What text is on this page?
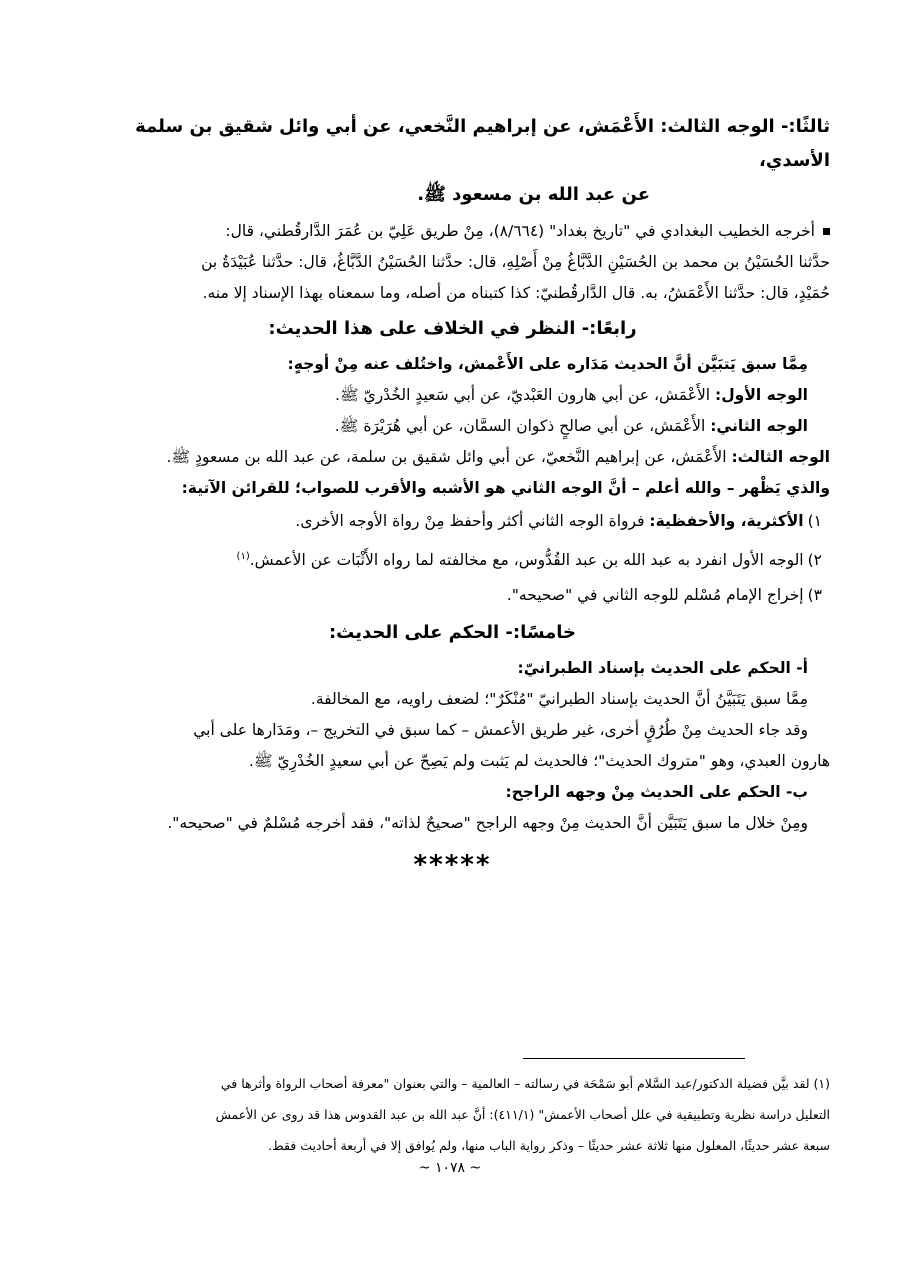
ثالثًا:- الوجه الثالث: الأَعْمَش، عن إبراهيم النَّخعي، عن أبي وائل شقيق بن سلمة الأسدي،

عن عبد الله بن مسعود ﷺ.

أخرجه الخطيب البغدادي في "تاريخ بغداد" (٨/٦٦٤)، مِنْ طريق عَلِيّ بن عُمَرَ الدَّارقُطني، قال:

حدَّثنا الحُسَيْنُ بن محمد بن الحُسَيْنِ الدَّبَّاغُ مِنْ أَصْلِهِ، قال: حدَّثنا الحُسَيْنُ الدَّبَّاغُ، قال: حدَّثنا عُبَيْدَةُ بن

حُمَيْدٍ، قال: حدَّثنا الأَعْمَشُ، به. قال الدَّارقُطنيّ: كذا كتبناه من أصله، وما سمعناه بهذا الإسناد إلا منه.

رابعًا:- النظر في الخلاف على هذا الحديث:

مِمَّا سبق يَتبَيَّن أنَّ الحديث مَدَاره على الأَعْمش، واختُلف عنه مِنْ أوجهٍ:

الوجه الأول: الأَعْمَش، عن أبي هارون العَبْديّ، عن أبي سَعيدٍ الخُدْريّ ﷺ.

الوجه الثاني: الأَعْمَش، عن أبي صالحٍ ذكوان السمَّان، عن أبي هُرَيْرَة ﷺ.

الوجه الثالث: الأَعْمَش، عن إبراهيم النَّخعيّ، عن أبي وائل شقيق بن سلمة، عن عبد الله بن مسعودٍ ﷺ.

والذي يَظْهر – والله أعلم – أنَّ الوجه الثاني هو الأشبه والأقرب للصواب؛ للقرائن الآتية:

١)الأكثرية، والأحفظية: فرواة الوجه الثاني أكثر وأحفظ مِنْ رواة الأوجه الأخرى.

٢)الوجه الأول انفرد به عبد الله بن عبد القُدُّوس، مع مخالفته لما رواه الأَثْبَات عن الأعمش.$^{(١)}$

٣)إخراج الإمام مُسْلم للوجه الثاني في "صحيحه".

خامسًا:- الحكم على الحديث:

أ- الحكم على الحديث بإسناد الطبرانيّ:

مِمَّا سبق يَتَبَيَّنُ أنَّ الحديث بإسناد الطبرانيّ "مُنْكَرٌ"؛ لضعف راويه، مع المخالفة.

وقد جاء الحديث مِنْ طُرُقٍ أخرى، غير طريق الأعمش – كما سبق في التخريج –، ومَدَارها على أبي

هارون العبدي، وهو "متروك الحديث"؛ فالحديث لم يَثبت ولم يَصِحّ عن أبي سعيدٍ الخُدْرِيّ ﷺ.

ب- الحكم على الحديث مِنْ وجهه الراجح:

ومِنْ خلال ما سبق يَتَبَيَّن أنَّ الحديث مِنْ وجهه الراجح "صحيحٌ لذاته"، فقد أخرجه مُسْلمٌ في "صحيحه".

*****
(١) لقد بيَّن فضيلة الدكتور/عبد السَّلام أبو سَمْحَة في رسالته – العالمية – والتي بعنوان "معرفة أصحاب الرواة وأثرها في
التعليل دراسة نظرية وتطبيقية في علل أصحاب الأعمش" (٤١١/١): أنَّ عبد الله بن عبد القدوس هذا قد روى عن الأعمش
سبعة عشر حديثًا، المعلول منها ثلاثة عشر حديثًا – وذكر رواية الباب منها، ولم يُوافق إلا في أربعة أحاديث فقط.
~ ١٠٧٨ ~
